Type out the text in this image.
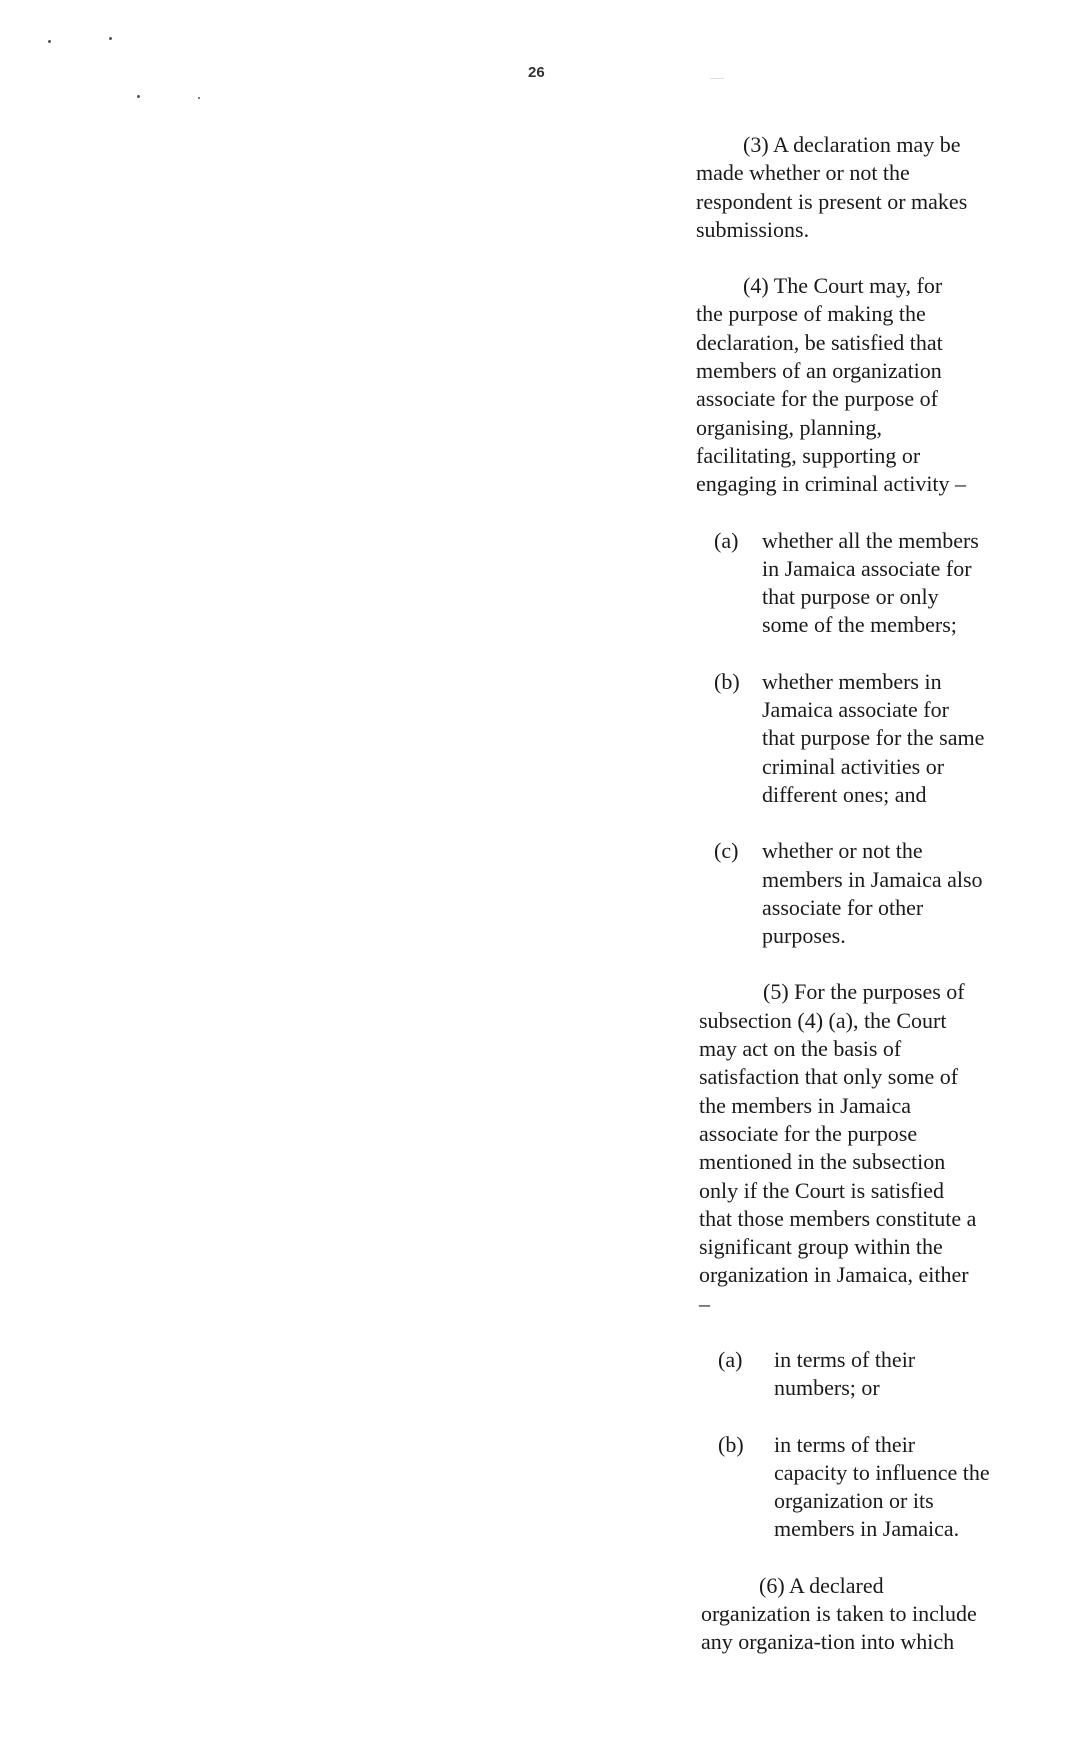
26

(3) A declaration may be
made whether or not the
respondent is present or makes
submissions.

(4) The Court may, for
the purpose of making the
declaration, be satisfied that
members of an organization
associate for the purpose of
organising, planning,
facilitating, supporting or
engaging in criminal activity –

(a)	whether all the members
in Jamaica associate for
that purpose or only
some of the members;
(b)	whether members in
Jamaica associate for
that purpose for the same
criminal activities or
different ones; and
(c)	whether or not the
members in Jamaica also
associate for other
purposes.

(5) For the purposes of
subsection (4) (a), the Court
may act on the basis of
satisfaction that only some of
the members in Jamaica
associate for the purpose
mentioned in the subsection
only if the Court is satisfied
that those members constitute a
significant group within the
organization in Jamaica, either
–

(a)	in terms of their
numbers; or
(b)	in terms of their
capacity to influence the
organization or its
members in Jamaica.

(6) A declared
organization is taken to include
any organiza-tion into which
